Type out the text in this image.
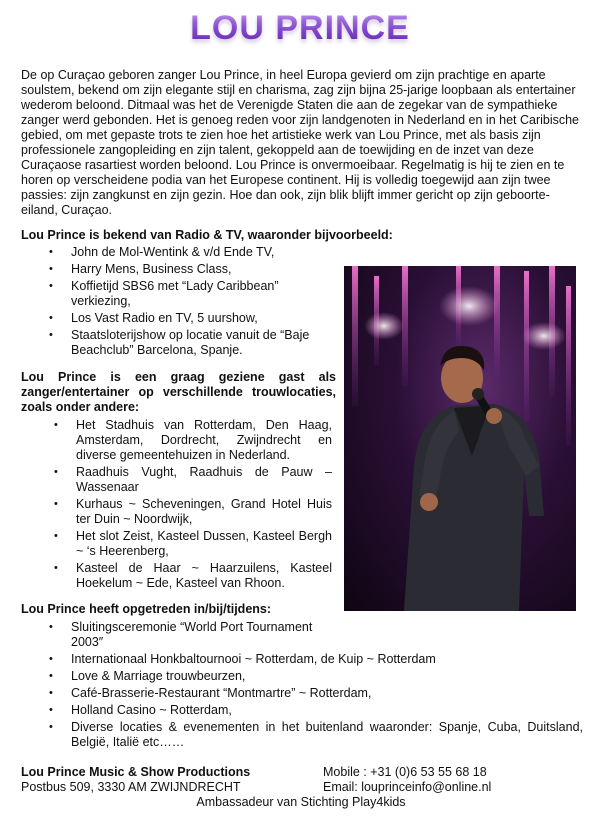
LOU PRINCE

De op Curaçao geboren zanger Lou Prince, in heel Europa gevierd om zijn prachtige en aparte soulstem, bekend om zijn elegante stijl en charisma, zag zijn bijna 25-jarige loopbaan als entertainer wederom beloond. Ditmaal was het de Verenigde Staten die aan de zegekar van de sympathieke zanger werd gebonden. Het is genoeg reden voor zijn landgenoten in Nederland en in het Caribische gebied, om met gepaste trots te zien hoe het artistieke werk van Lou Prince, met als basis zijn professionele zangopleiding en zijn talent, gekoppeld aan de toewijding en de inzet van deze Curaçaose rasartiest worden beloond. Lou Prince is onvermoeibaar. Regelmatig is hij te zien en te horen op verscheidene podia van het Europese continent. Hij is volledig toegewijd aan zijn twee passies: zijn zangkunst en zijn gezin. Hoe dan ook, zijn blik blijft immer gericht op zijn geboorte-eiland, Curaçao.

Lou Prince is bekend van Radio & TV, waaronder bijvoorbeeld:
• John de Mol-Wentink & v/d Ende TV,
• Harry Mens, Business Class,
• Koffietijd SBS6 met “Lady Caribbean” verkiezing,
• Los Vast Radio en TV, 5 uurshow,
• Staatsloterijshow op locatie vanuit de “Baje Beachclub” Barcelona, Spanje.
Lou Prince is een graag geziene gast als zanger/entertainer op verschillende trouwlocaties, zoals onder andere:
• Het Stadhuis van Rotterdam, Den Haag, Amsterdam, Dordrecht, Zwijndrecht en diverse gemeentehuizen in Nederland.
• Raadhuis Vught, Raadhuis de Pauw – Wassenaar
• Kurhaus ~ Scheveningen, Grand Hotel Huis ter Duin ~ Noordwijk,
• Het slot Zeist, Kasteel Dussen, Kasteel Bergh ~ ‘s Heerenberg,
• Kasteel de Haar ~ Haarzuilens, Kasteel Hoekelum ~ Ede, Kasteel van Rhoon.
Lou Prince heeft opgetreden in/bij/tijdens:
• Sluitingsceremonie “World Port Tournament 2003″
• Internationaal Honkbaltournooi ~ Rotterdam, de Kuip ~ Rotterdam
• Love & Marriage trouwbeurzen,
• Café-Brasserie-Restaurant “Montmartre” ~ Rotterdam,
• Holland Casino ~ Rotterdam,
• Diverse locaties & evenementen in het buitenland waaronder: Spanje, Cuba, Duitsland, België, Italië etc……
Lou Prince Music & Show Productions	Mobile : +31 (0)6 53 55 68 18
Postbus 509, 3330 AM ZWIJNDRECHT	Email: louprinceinfo@online.nl
Ambassadeur van Stichting Play4kids
